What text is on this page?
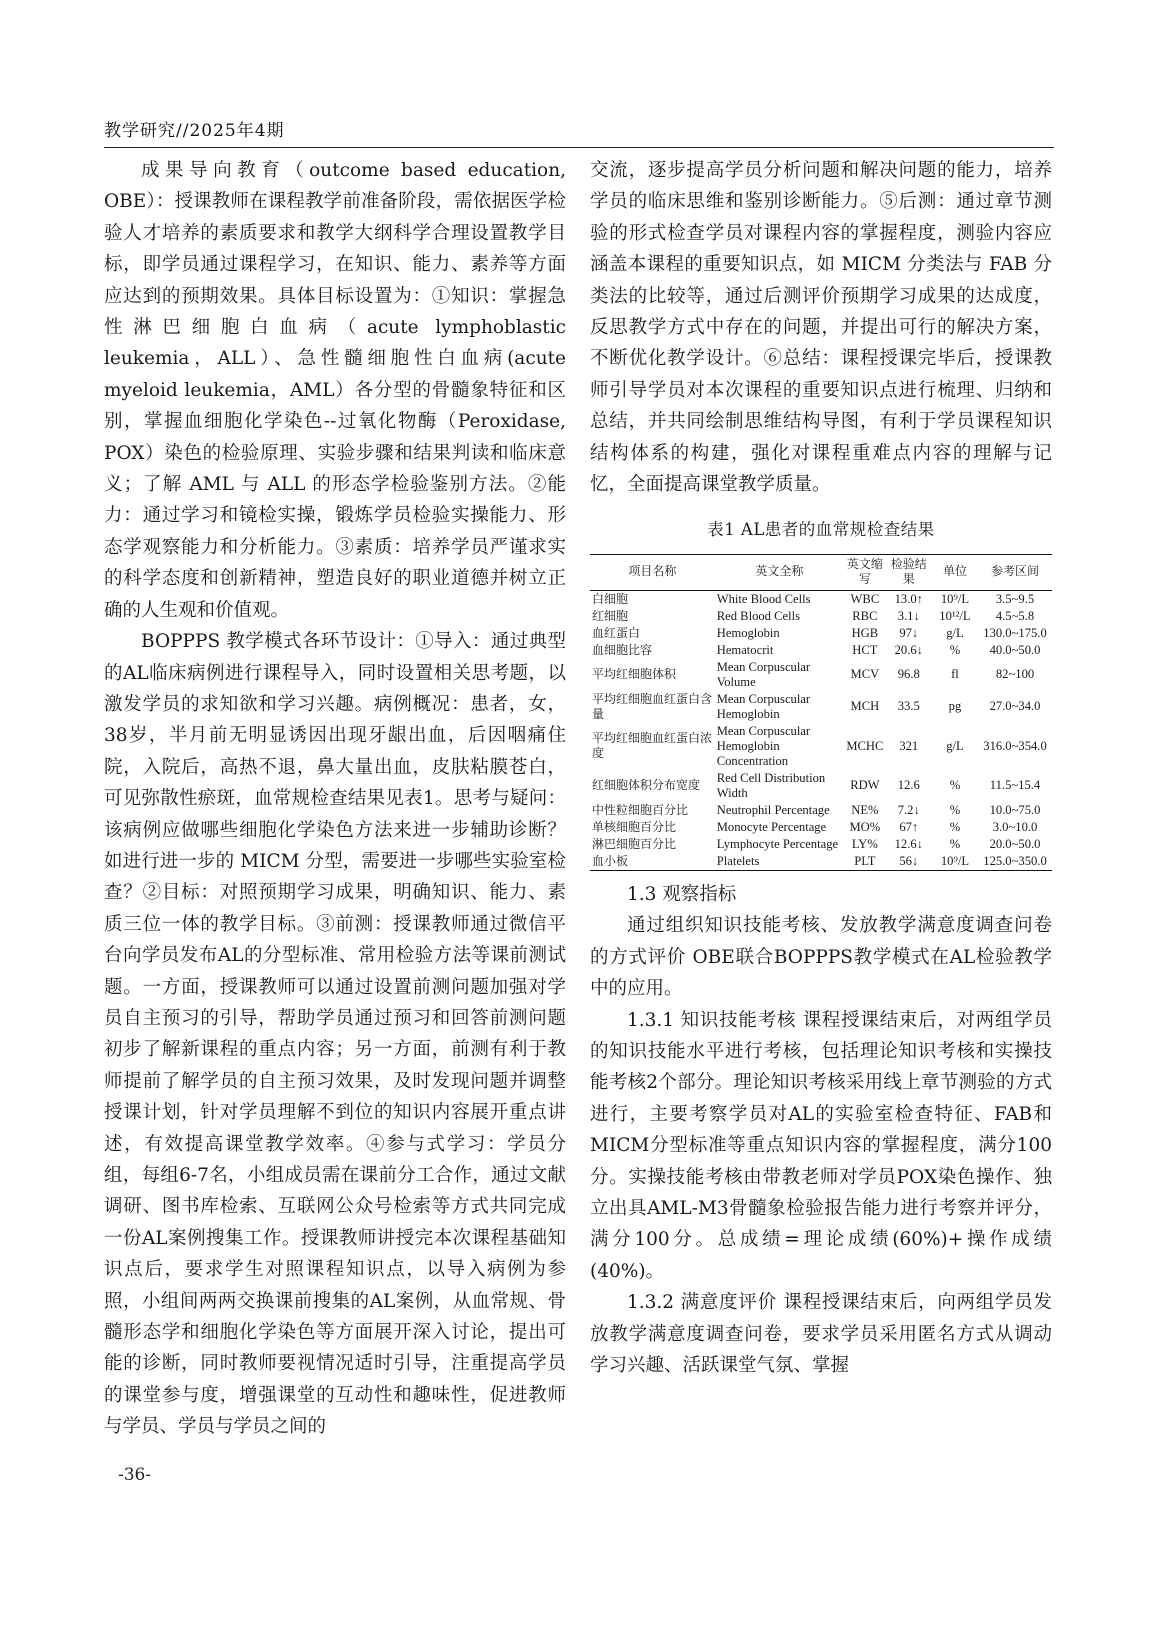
教学研究//2025年4期

成果导向教育（outcome based education, OBE）：授课教师在课程教学前准备阶段，需依据医学检验人才培养的素质要求和教学大纲科学合理设置教学目标，即学员通过课程学习，在知识、能力、素养等方面应达到的预期效果。具体目标设置为：①知识：掌握急性淋巴细胞白血病（acute lymphoblastic leukemia，ALL）、急性髓细胞性白血病(acute myeloid leukemia，AML）各分型的骨髓象特征和区别，掌握血细胞化学染色--过氧化物酶（Peroxidase, POX）染色的检验原理、实验步骤和结果判读和临床意义；了解 AML 与 ALL 的形态学检验鉴别方法。②能力：通过学习和镜检实操，锻炼学员检验实操能力、形态学观察能力和分析能力。③素质：培养学员严谨求实的科学态度和创新精神，塑造良好的职业道德并树立正确的人生观和价值观。

BOPPPS 教学模式各环节设计：①导入：通过典型的AL临床病例进行课程导入，同时设置相关思考题，以激发学员的求知欲和学习兴趣。病例概况：患者，女，38岁，半月前无明显诱因出现牙龈出血，后因咽痛住院，入院后，高热不退，鼻大量出血，皮肤粘膜苍白，可见弥散性瘀斑，血常规检查结果见表1。思考与疑问：该病例应做哪些细胞化学染色方法来进一步辅助诊断？如进行进一步的 MICM 分型，需要进一步哪些实验室检查？②目标：对照预期学习成果，明确知识、能力、素质三位一体的教学目标。③前测：授课教师通过微信平台向学员发布AL的分型标准、常用检验方法等课前测试题。一方面，授课教师可以通过设置前测问题加强对学员自主预习的引导，帮助学员通过预习和回答前测问题初步了解新课程的重点内容；另一方面，前测有利于教师提前了解学员的自主预习效果，及时发现问题并调整授课计划，针对学员理解不到位的知识内容展开重点讲述，有效提高课堂教学效率。④参与式学习：学员分组，每组6-7名，小组成员需在课前分工合作，通过文献调研、图书库检索、互联网公众号检索等方式共同完成一份AL案例搜集工作。授课教师讲授完本次课程基础知识点后，要求学生对照课程知识点，以导入病例为参照，小组间两两交换课前搜集的AL案例，从血常规、骨髓形态学和细胞化学染色等方面展开深入讨论，提出可能的诊断，同时教师要视情况适时引导，注重提高学员的课堂参与度，增强课堂的互动性和趣味性，促进教师与学员、学员与学员之间的

交流，逐步提高学员分析问题和解决问题的能力，培养学员的临床思维和鉴别诊断能力。⑤后测：通过章节测验的形式检查学员对课程内容的掌握程度，测验内容应涵盖本课程的重要知识点，如 MICM 分类法与 FAB 分类法的比较等，通过后测评价预期学习成果的达成度，反思教学方式中存在的问题，并提出可行的解决方案，不断优化教学设计。⑥总结：课程授课完毕后，授课教师引导学员对本次课程的重要知识点进行梳理、归纳和总结，并共同绘制思维结构导图，有利于学员课程知识结构体系的构建，强化对课程重难点内容的理解与记忆，全面提高课堂教学质量。

表1 AL患者的血常规检查结果
项目名称	英文全称	英文缩写	检验结果	单位	参考区间
白细胞	White Blood Cells	WBC	13.0↑	10⁹/L	3.5~9.5
红细胞	Red Blood Cells	RBC	3.1↓	10¹²/L	4.5~5.8
血红蛋白	Hemoglobin	HGB	97↓	g/L	130.0~175.0
血细胞比容	Hematocrit	HCT	20.6↓	%	40.0~50.0
平均红细胞体积	Mean Corpuscular Volume	MCV	96.8	fl	82~100
平均红细胞血红蛋白含量	Mean Corpuscular Hemoglobin	MCH	33.5	pg	27.0~34.0
平均红细胞血红蛋白浓度	Mean Corpuscular Hemoglobin Concentration	MCHC	321	g/L	316.0~354.0
红细胞体积分布宽度	Red Cell Distribution Width	RDW	12.6	%	11.5~15.4
中性粒细胞百分比	Neutrophil Percentage	NE%	7.2↓	%	10.0~75.0
单核细胞百分比	Monocyte Percentage	MO%	67↑	%	3.0~10.0
淋巴细胞百分比	Lymphocyte Percentage	LY%	12.6↓	%	20.0~50.0
血小板	Platelets	PLT	56↓	10⁹/L	125.0~350.0

1.3 观察指标

通过组织知识技能考核、发放教学满意度调查问卷的方式评价 OBE联合BOPPPS教学模式在AL检验教学中的应用。

1.3.1 知识技能考核 课程授课结束后，对两组学员的知识技能水平进行考核，包括理论知识考核和实操技能考核2个部分。理论知识考核采用线上章节测验的方式进行，主要考察学员对AL的实验室检查特征、FAB和MICM分型标准等重点知识内容的掌握程度，满分100分。实操技能考核由带教老师对学员POX染色操作、独立出具AML-M3骨髓象检验报告能力进行考察并评分，满分100分。总成绩=理论成绩(60%)+操作成绩(40%)。

1.3.2 满意度评价 课程授课结束后，向两组学员发放教学满意度调查问卷，要求学员采用匿名方式从调动学习兴趣、活跃课堂气氛、掌握

-36-
